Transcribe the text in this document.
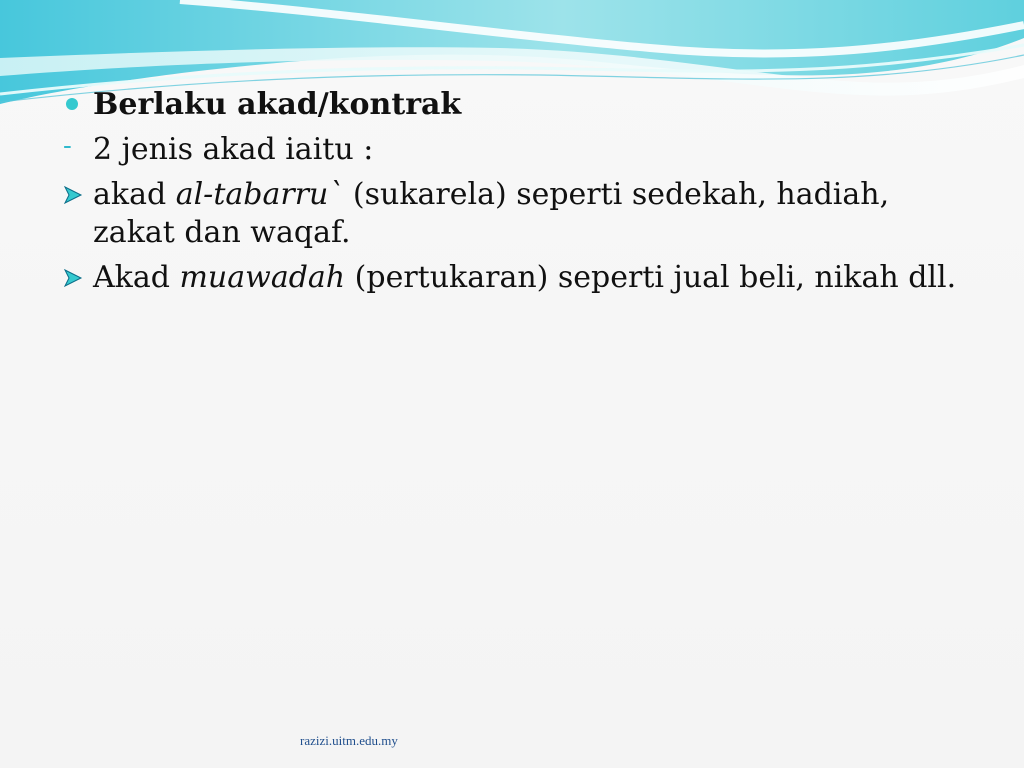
Berlaku akad/kontrak
- 2 jenis akad iaitu :
akad al-tabarru` (sukarela) seperti sedekah, hadiah, zakat dan waqaf.
Akad muawadah (pertukaran) seperti jual beli, nikah dll.
razizi.uitm.edu.my
